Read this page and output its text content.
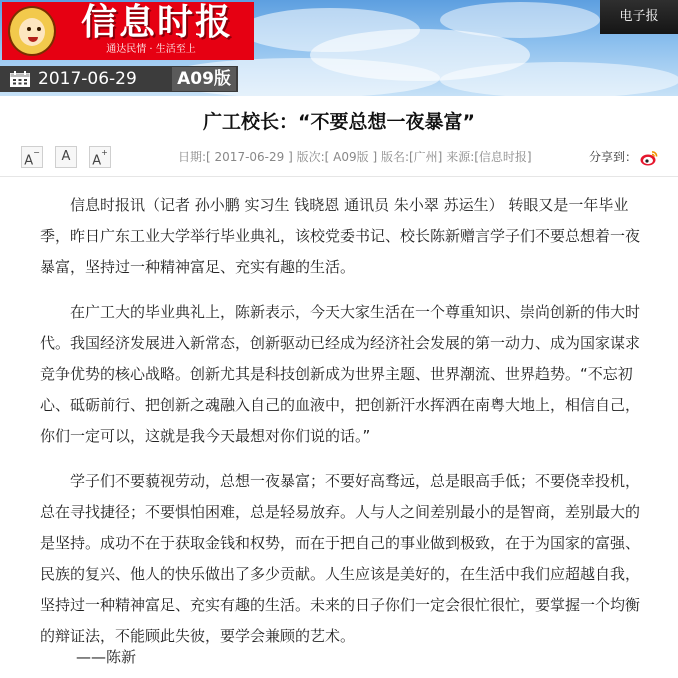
信息时报
通达民情 · 生活至上
电子报
2017-06-29 A09版
广工校长：“不要总想一夜暴富”
A−	A	A+	日期:[ 2017-06-29 ] 版次:[ A09版 ] 版名:[广州] 来源:[信息时报]	分享到：

信息时报讯（记者 孙小鹏 实习生 钱晓恩 通讯员 朱小翠 苏运生） 转眼又是一年毕业季，昨日广东工业大学举行毕业典礼，该校党委书记、校长陈新赠言学子们不要总想着一夜暴富，坚持过一种精神富足、充实有趣的生活。

在广工大的毕业典礼上，陈新表示，今天大家生活在一个尊重知识、崇尚创新的伟大时代。我国经济发展进入新常态，创新驱动已经成为经济社会发展的第一动力、成为国家谋求竞争优势的核心战略。创新尤其是科技创新成为世界主题、世界潮流、世界趋势。“不忘初心、砥砺前行、把创新之魂融入自己的血液中，把创新汗水挥洒在南粤大地上，相信自己，你们一定可以，这就是我今天最想对你们说的话。”

学子们不要藐视劳动，总想一夜暴富；不要好高骛远，总是眼高手低；不要侥幸投机，总在寻找捷径；不要惧怕困难，总是轻易放弃。人与人之间差别最小的是智商，差别最大的是坚持。成功不在于获取金钱和权势，而在于把自己的事业做到极致，在于为国家的富强、民族的复兴、他人的快乐做出了多少贡献。人生应该是美好的，在生活中我们应超越自我，坚持过一种精神富足、充实有趣的生活。未来的日子你们一定会很忙很忙，要掌握一个均衡的辩证法，不能顾此失彼，要学会兼顾的艺术。

——陈新
